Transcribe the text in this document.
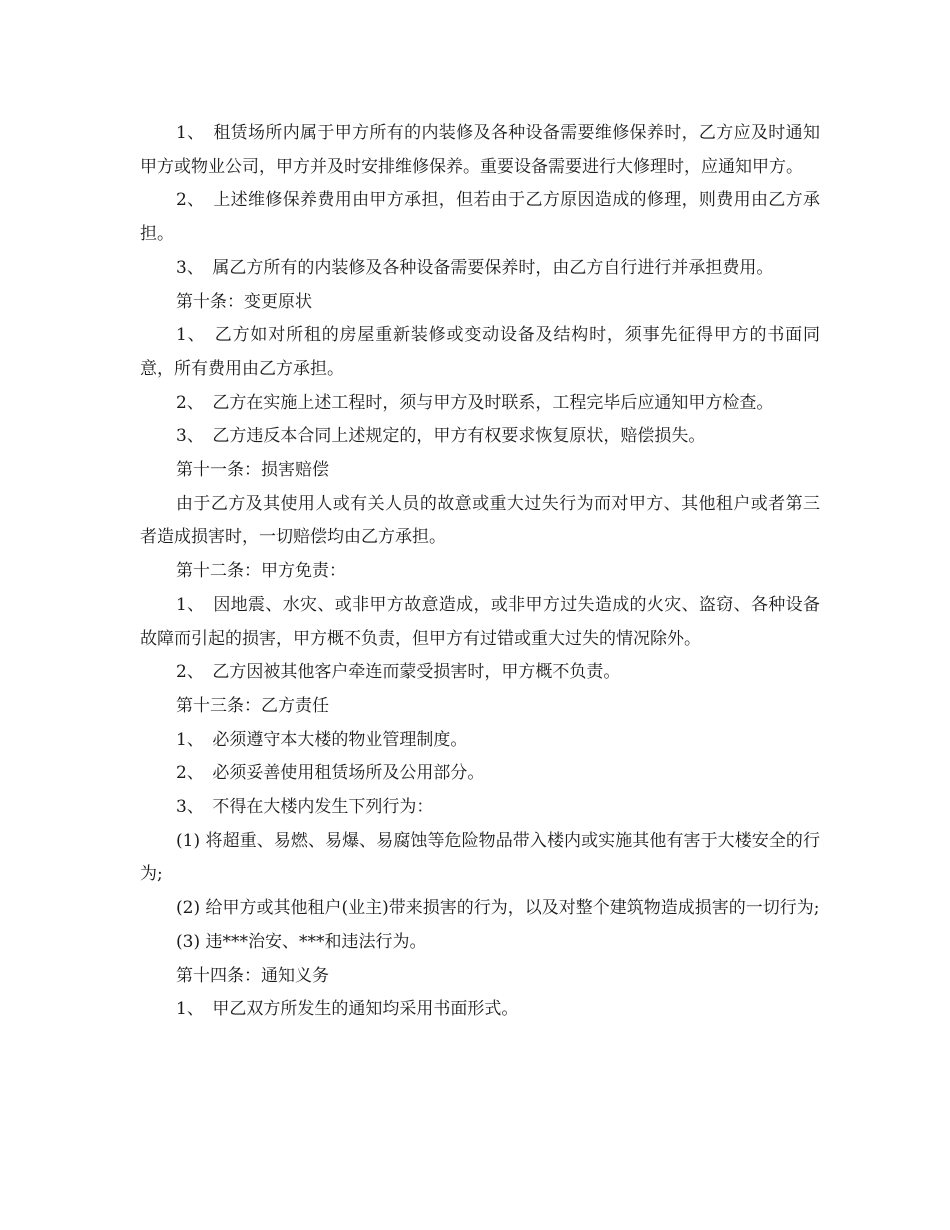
1、　租赁场所内属于甲方所有的内装修及各种设备需要维修保养时，乙方应及时通知甲方或物业公司，甲方并及时安排维修保养。重要设备需要进行大修理时，应通知甲方。

2、　上述维修保养费用由甲方承担，但若由于乙方原因造成的修理，则费用由乙方承担。

3、　属乙方所有的内装修及各种设备需要保养时，由乙方自行进行并承担费用。

第十条：变更原状

1、　乙方如对所租的房屋重新装修或变动设备及结构时，须事先征得甲方的书面同意，所有费用由乙方承担。

2、　乙方在实施上述工程时，须与甲方及时联系，工程完毕后应通知甲方检查。

3、　乙方违反本合同上述规定的，甲方有权要求恢复原状，赔偿损失。

第十一条：损害赔偿

由于乙方及其使用人或有关人员的故意或重大过失行为而对甲方、其他租户或者第三者造成损害时，一切赔偿均由乙方承担。

第十二条：甲方免责：

1、　因地震、水灾、或非甲方故意造成，或非甲方过失造成的火灾、盗窃、各种设备故障而引起的损害，甲方概不负责，但甲方有过错或重大过失的情况除外。

2、　乙方因被其他客户牵连而蒙受损害时，甲方概不负责。

第十三条：乙方责任

1、　必须遵守本大楼的物业管理制度。

2、　必须妥善使用租赁场所及公用部分。

3、　不得在大楼内发生下列行为：

(1) 将超重、易燃、易爆、易腐蚀等危险物品带入楼内或实施其他有害于大楼安全的行为;

(2) 给甲方或其他租户(业主)带来损害的行为，以及对整个建筑物造成损害的一切行为;

(3) 违***治安、***和违法行为。

第十四条：通知义务

1、　甲乙双方所发生的通知均采用书面形式。
